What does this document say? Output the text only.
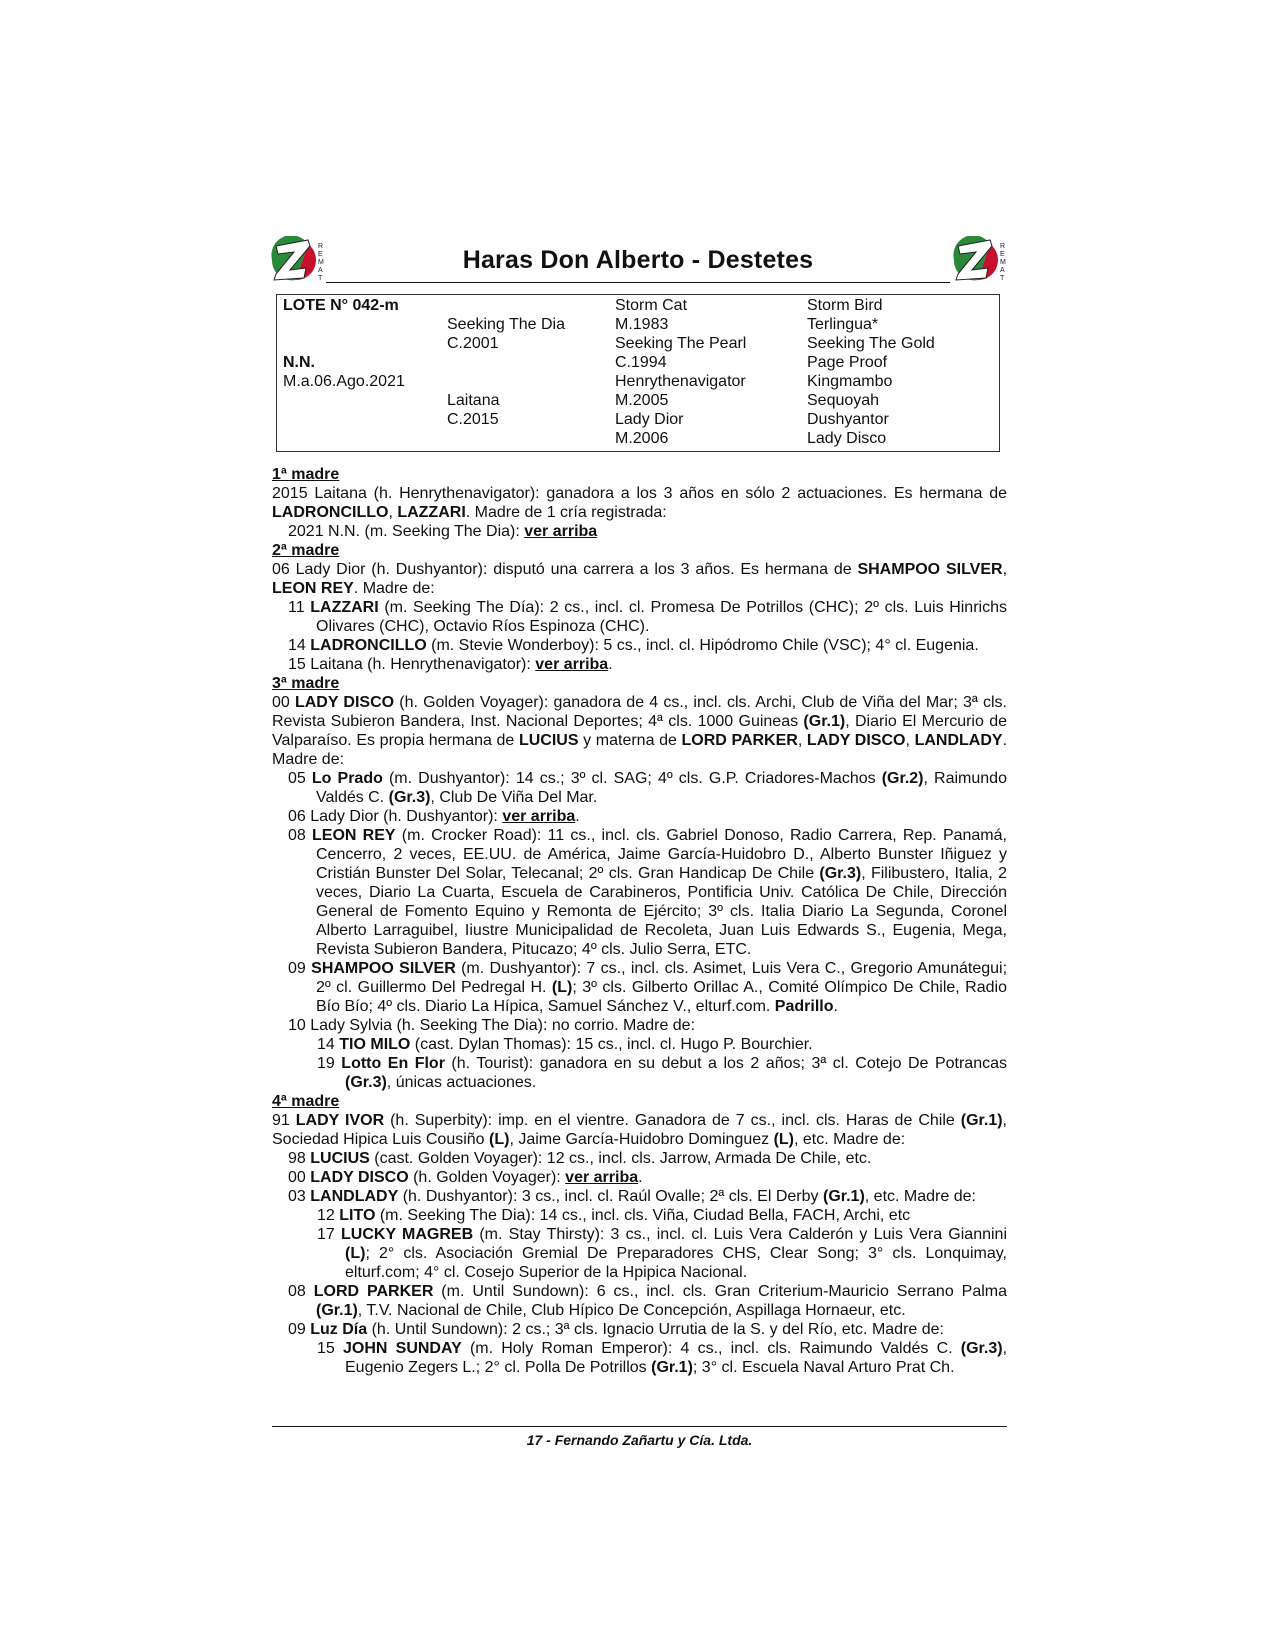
R
E
M
A
T
Haras Don Alberto - Destetes	R
E
M
A
T
LOTE N° 042-m
N.N.
M.a.06.Ago.2021
Seeking The Dia
C.2001
Laitana
C.2015
Storm Cat
M.1983
Seeking The Pearl
C.1994
Henrythenavigator
M.2005
Lady Dior
M.2006
Storm Bird
Terlingua*
Seeking The Gold
Page Proof
Kingmambo
Sequoyah
Dushyantor
Lady Disco
1ª madre
2015 Laitana (h. Henrythenavigator): ganadora a los 3 años en sólo 2 actuaciones. Es hermana de LADRONCILLO, LAZZARI. Madre de 1 cría registrada:
2021 N.N. (m. Seeking The Dia): ver arriba
2ª madre
06 Lady Dior (h. Dushyantor): disputó una carrera a los 3 años. Es hermana de SHAMPOO SILVER, LEON REY. Madre de:
11 LAZZARI (m. Seeking The Día): 2 cs., incl. cl. Promesa De Potrillos (CHC); 2º cls. Luis Hinrichs Olivares (CHC), Octavio Ríos Espinoza (CHC).
14 LADRONCILLO (m. Stevie Wonderboy): 5 cs., incl. cl. Hipódromo Chile (VSC); 4° cl. Eugenia.
15 Laitana (h. Henrythenavigator): ver arriba.
3ª madre
00 LADY DISCO (h. Golden Voyager): ganadora de 4 cs., incl. cls. Archi, Club de Viña del Mar; 3ª cls. Revista Subieron Bandera, Inst. Nacional Deportes; 4ª cls. 1000 Guineas (Gr.1), Diario El Mercurio de Valparaíso. Es propia hermana de LUCIUS y materna de LORD PARKER, LADY DISCO, LANDLADY. Madre de:
05 Lo Prado (m. Dushyantor): 14 cs.; 3º cl. SAG; 4º cls. G.P. Criadores-Machos (Gr.2), Raimundo Valdés C. (Gr.3), Club De Viña Del Mar.
06 Lady Dior (h. Dushyantor): ver arriba.
08 LEON REY (m. Crocker Road): 11 cs., incl. cls. Gabriel Donoso, Radio Carrera, Rep. Panamá, Cencerro, 2 veces, EE.UU. de América, Jaime García-Huidobro D., Alberto Bunster Iñiguez y Cristián Bunster Del Solar, Telecanal; 2º cls. Gran Handicap De Chile (Gr.3), Filibustero, Italia, 2 veces, Diario La Cuarta, Escuela de Carabineros, Pontificia Univ. Católica De Chile, Dirección General de Fomento Equino y Remonta de Ejército; 3º cls. Italia Diario La Segunda, Coronel Alberto Larraguibel, Iiustre Municipalidad de Recoleta, Juan Luis Edwards S., Eugenia, Mega, Revista Subieron Bandera, Pitucazo; 4º cls. Julio Serra, ETC.
09 SHAMPOO SILVER (m. Dushyantor): 7 cs., incl. cls. Asimet, Luis Vera C., Gregorio Amunátegui; 2º cl. Guillermo Del Pedregal H. (L); 3º cls. Gilberto Orillac A., Comité Olímpico De Chile, Radio Bío Bío; 4º cls. Diario La Hípica, Samuel Sánchez V., elturf.com. Padrillo.
10 Lady Sylvia (h. Seeking The Dia): no corrio. Madre de:
14 TIO MILO (cast. Dylan Thomas): 15 cs., incl. cl. Hugo P. Bourchier.
19 Lotto En Flor (h. Tourist): ganadora en su debut a los 2 años; 3ª cl. Cotejo De Potrancas (Gr.3), únicas actuaciones.
4ª madre
91 LADY IVOR (h. Superbity): imp. en el vientre. Ganadora de 7 cs., incl. cls. Haras de Chile (Gr.1), Sociedad Hipica Luis Cousiño (L), Jaime García-Huidobro Dominguez (L), etc. Madre de:
98 LUCIUS (cast. Golden Voyager): 12 cs., incl. cls. Jarrow, Armada De Chile, etc.
00 LADY DISCO (h. Golden Voyager): ver arriba.
03 LANDLADY (h. Dushyantor): 3 cs., incl. cl. Raúl Ovalle; 2ª cls. El Derby (Gr.1), etc. Madre de:
12 LITO (m. Seeking The Dia): 14 cs., incl. cls. Viña, Ciudad Bella, FACH, Archi, etc
17 LUCKY MAGREB (m. Stay Thirsty): 3 cs., incl. cl. Luis Vera Calderón y Luis Vera Giannini (L); 2° cls. Asociación Gremial De Preparadores CHS, Clear Song; 3° cls. Lonquimay, elturf.com; 4° cl. Cosejo Superior de la Hpipica Nacional.
08 LORD PARKER (m. Until Sundown): 6 cs., incl. cls. Gran Criterium-Mauricio Serrano Palma (Gr.1), T.V. Nacional de Chile, Club Hípico De Concepción, Aspillaga Hornaeur, etc.
09 Luz Día (h. Until Sundown): 2 cs.; 3ª cls. Ignacio Urrutia de la S. y del Río, etc. Madre de:
15 JOHN SUNDAY (m. Holy Roman Emperor): 4 cs., incl. cls. Raimundo Valdés C. (Gr.3), Eugenio Zegers L.; 2° cl. Polla De Potrillos (Gr.1); 3° cl. Escuela Naval Arturo Prat Ch.
17 - Fernando Zañartu y Cía. Ltda.
